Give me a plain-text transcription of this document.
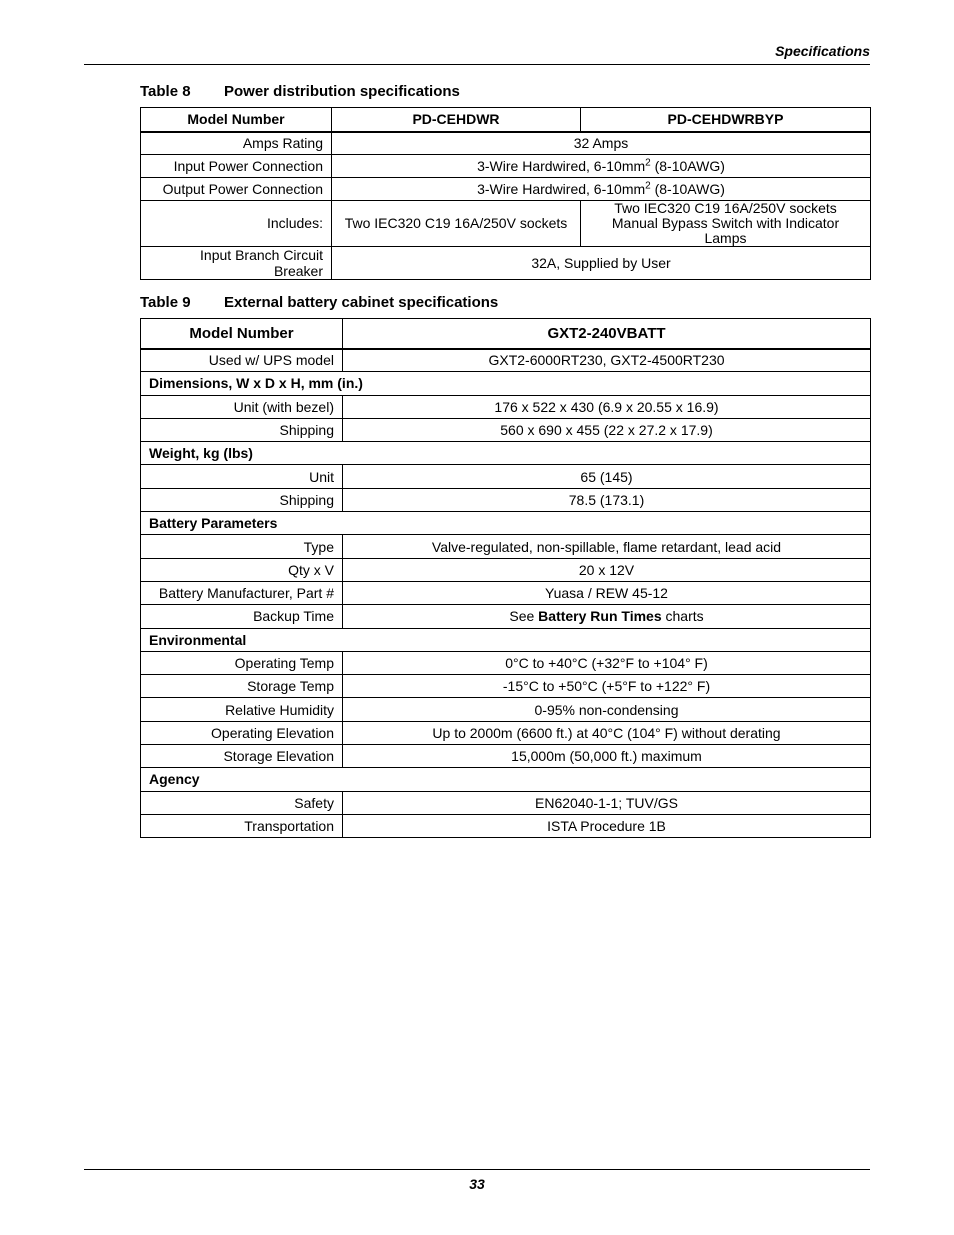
Specifications
Table 8 Power distribution specifications
Model Number	PD-CEHDWR	PD-CEHDWRBYP
Amps Rating	32 Amps	
Input Power Connection	3-Wire Hardwired, $6-10mm^2$ (8-10AWG)	
Output Power Connection	3-Wire Hardwired, $6-10mm^2$ (8-10AWG)	
Includes:	Two IEC320 C19 16A/250V sockets	Two IEC320 C19 16A/250V sockets
Manual Bypass Switch with Indicator Lamps

Input Branch Circuit Breaker	32A, Supplied by User	
Table 9 External battery cabinet specifications
Model Number	GXT2-240VBATT
Used w/ UPS model	GXT2-6000RT230, GXT2-4500RT230
Dimensions, W x D x H, mm (in.)	
Unit (with bezel)	176 x 522 x 430 (6.9 x 20.55 x 16.9)
Shipping	560 x 690 x 455 (22 x 27.2 x 17.9)
Weight, kg (lbs)	
Unit	65 (145)
Shipping	78.5 (173.1)
Battery Parameters	
Type	Valve-regulated, non-spillable, flame retardant, lead acid
Qty x V	20 x 12V
Battery Manufacturer, Part #	Yuasa / REW 45-12
Backup Time	See Battery Run Times charts
Environmental	
Operating Temp	0°C to +40°C (+32°F to +104° F)
Storage Temp	-15°C to +50°C (+5°F to +122° F)
Relative Humidity	0-95% non-condensing
Operating Elevation	Up to 2000m (6600 ft.) at 40°C (104° F) without derating
Storage Elevation	15,000m (50,000 ft.) maximum
Agency	
Safety	EN62040-1-1; TUV/GS
Transportation	ISTA Procedure 1B
33
